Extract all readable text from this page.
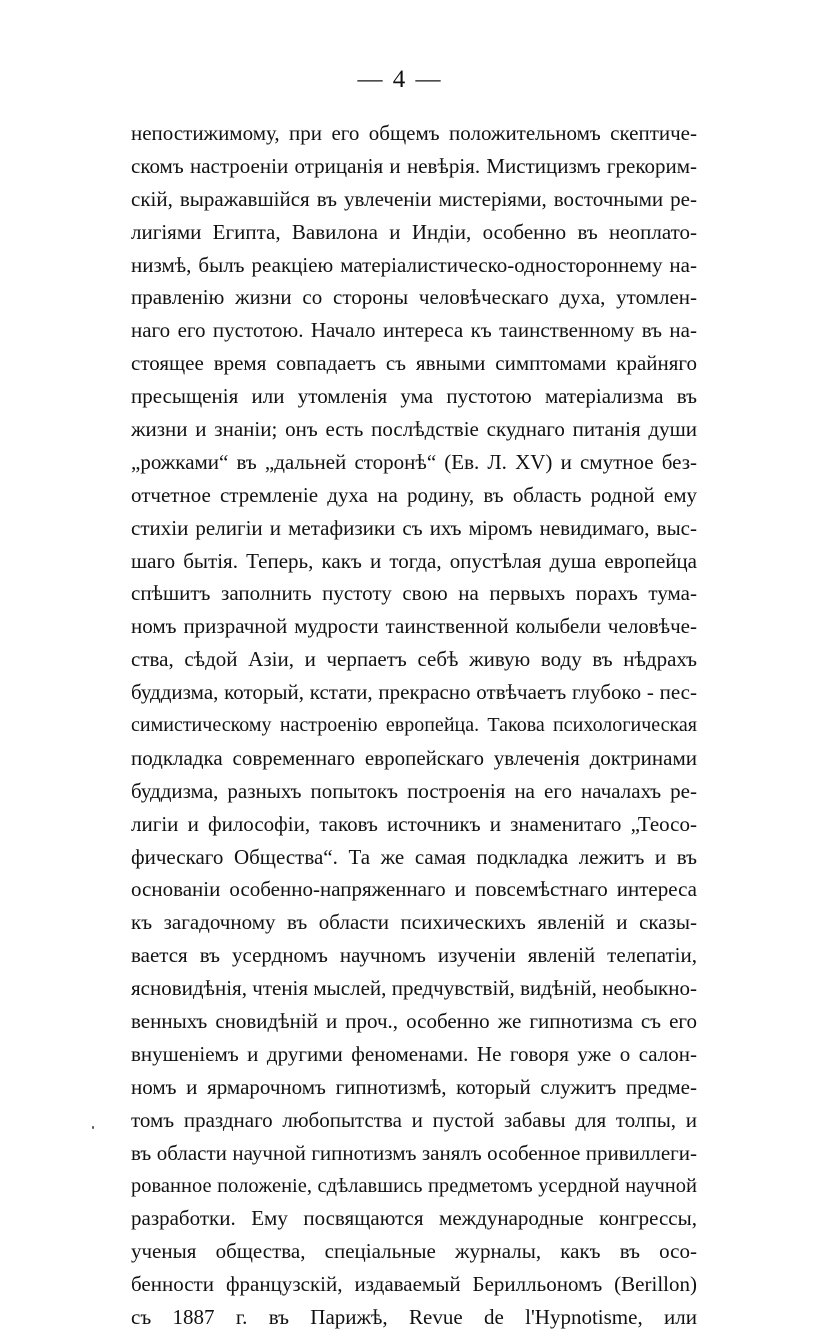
— 4 —
непостижимому, при его общемъ положительномъ скептиче-
скомъ настроенiи отрицанiя и невѣрiя. Мистицизмъ грекорим-
скiй, выражавшiйся въ увлеченiи мистерiями, восточными ре-
лигiями Египта, Вавилона и Индiи, особенно въ неоплато-
низмѣ, былъ реакцiею матерiалистическо-одностороннему на-
правленiю жизни со стороны человѣческаго духа, утомлен-
наго его пустотою. Начало интереса къ таинственному въ на-
стоящее время совпадаетъ съ явными симптомами крайняго
пресыщенiя или утомленiя ума пустотою матерiализма въ
жизни и знанiи; онъ есть послѣдствiе скуднаго питанiя души
„рожками“ въ „дальней сторонѣ“ (Ев. Л. XV) и смутное без-
отчетное стремленiе духа на родину, въ область родной ему
стихiи религiи и метафизики съ ихъ мiромъ невидимаго, выс-
шаго бытiя. Теперь, какъ и тогда, опустѣлая душа европейца
спѣшитъ заполнить пустоту свою на первыхъ порахъ тума-
номъ призрачной мудрости таинственной колыбели человѣче-
ства, сѣдой Азiи, и черпаетъ себѣ живую воду въ нѣдрахъ
буддизма, который, кстати, прекрасно отвѣчаетъ глубоко - пес-
симистическому настроенiю европейца. Такова психологическая
подкладка современнаго европейскаго увлеченiя доктринами
буддизма, разныхъ попытокъ построенiя на его началахъ ре-
лигiи и философiи, таковъ источникъ и знаменитаго „Теосо-
фическаго Общества“. Та же самая подкладка лежитъ и въ
основанiи особенно-напряженнаго и повсемѣстнаго интереса
къ загадочному въ области психическихъ явленiй и сказы-
вается въ усердномъ научномъ изученiи явленiй телепатiи,
ясновидѣнiя, чтенiя мыслей, предчувствiй, видѣнiй, необыкно-
венныхъ сновидѣнiй и проч., особенно же гипнотизма съ его
внушенiемъ и другими феноменами. Не говоря уже о салон-
номъ и ярмарочномъ гипнотизмѣ, который служитъ предме-
томъ празднаго любопытства и пустой забавы для толпы, и
въ области научной гипнотизмъ занялъ особенное привиллеги-
рованное положенiе, сдѣлавшись предметомъ усердной научной
разработки. Ему посвящаются международные конгрессы,
ученыя общества, спецiальные журналы, какъ въ осо-
бенности французскiй, издаваемый Берилльономъ (Berillon)
съ 1887 г. въ Парижѣ, Revue de l'Hypnotisme, или
